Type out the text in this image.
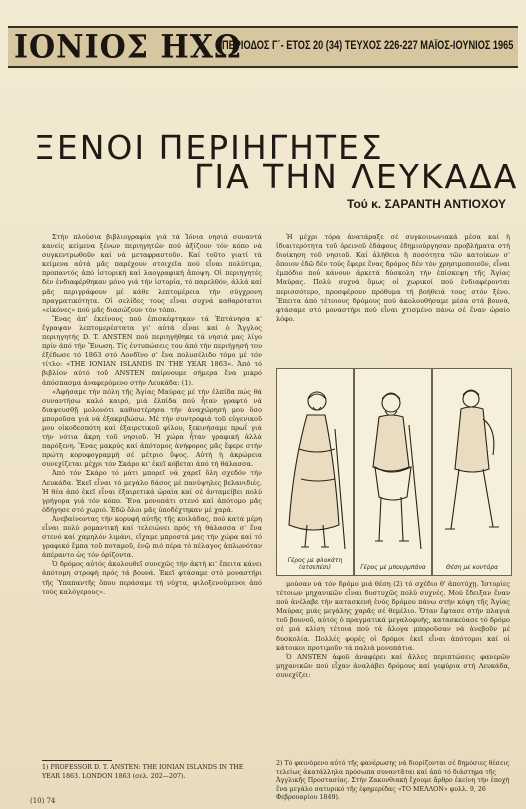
ΙΟΝΙΟΣ ΗΧΩ
ΠΕΡΙΟΔΟΣ Γ΄- ΕΤΟΣ 20 (34) ΤΕΥΧΟΣ 226-227 ΜΑΪΟΣ-ΙΟΥΝΙΟΣ 1965
ΞΕΝΟΙ ΠΕΡΙΗΓΗΤΕΣ
ΓΙΑ ΤΗΝ ΛΕΥΚΑΔΑ
Τού κ. ΣΑΡΑΝΤΗ ΑΝΤΙΟΧΟΥ

Στήν πλούσια βιβλιογραφία γιά τά Ἰόνια νησιά συναντά κανείς κείμενα ξένων περιηγητῶν πού ἀξίζουν τόν κόπο νά συγκεντρωθοῦν καί νά μεταφραστοῦν. Καί τοῦτο γιατί τά κείμενα αὐτά μᾶς παρέχουν στοιχεῖα πού εἶναι πολύτιμα, προπαντός ἀπό ἱστορική καί λαογραφική ἄποψη. Οἱ περιηγητές δέν ἐνδιαφέρθηκαν μόνο γιά τήν ἱστορία, τό παρελθόν, ἀλλά καί μᾶς περιγράφουν μέ κάθε λεπτομέρεια τήν σύγχρονη πραγματικότητα. Οἱ σελίδες τους εἶναι συχνά καθαρότατοι «εἰκόνες» πού μᾶς διασώζουν τόν τόπο.

Ἕνας ἀπ' ἐκείνους πού ἐπισκέφτηκαν τά Ἑπτάνησα κ' ἔγραψαν λεπτομερέστατα γι' αὐτά εἶναι καί ὁ Ἄγγλος περιηγητής D. T. ANSTEN πού περιηγήθηκε τά νησιά μας λίγο πρίν ἀπό τήν Ἕνωση. Τίς ἐντυπώσεις του ἀπό τήν περιήγησή του ἐξέδωσε τό 1863 στό Λονδῖνο σ' ἕνα πολυσέλιδο τόμο μέ τόν τίτλο: «THE IONIAN ISLANDS IN THE YEAR 1863». Ἀπό τό βιβλίον αὐτό τοῦ ANSTEN παίρνουμε σήμερα ἕνα μικρό ἀπόσπασμα ἀναφερόμενο στήν Λευκάδα: (1).

«Ἀφήσαμε τήν πόλη τῆς Ἁγίας Μαύρας μέ τήν ἐλπίδα πώς θά συναντήσω καλό καιρό, μιά ἐλπίδα πού ἦταν γραφτό νά διαψευσθῇ μολονότι καθυστέρησα τήν ἀναχώρησή μου ὅσο μποροῦσα γιά νά ἐξακριβώσω. Μέ τήν συντροφιά τοῦ εὐγενικοῦ μου οἰκοδεσπότη καί ἐξαιρετικοῦ φίλου, ξεκινήσαμε πρωΐ γιά τήν νότια ἄκρη τοῦ νησιοῦ. Ἡ χώρα ἦταν γραφική ἀλλά παρόξενη. Ἕνας μακρύς καί ἀπότομος ἀνήφορος μᾶς ἔφερε στήν πρώτη κορυφογραμμή σέ μέτριο ὕψος. Αὐτή ἡ ἀκρώρεια συνεχίζεται μέχρι τόν Σκάρο κι' ἐκεῖ κόβεται ἀπό τή θάλασσα.

Ἀπό τόν Σκάρο τό μάτι μπορεῖ νά χαρεῖ ὅλη σχεδόν τήν Λευκάδα. Ἐκεῖ εἶναι τό μεγάλο δάσος μέ πανύψηλες βελανιδιές. Ἡ θέα ἀπό ἐκεῖ εἶναι ἐξαιρετικά ὡραία καί σέ ἀνταμείβει πολύ γρήγορα γιά τόν κόπο. Ἔνα μονοπάτι στενό καί ἀπότομο μᾶς ὁδήγησε στό χωριό. Ἐδῶ ὅλοι μᾶς ὑποδέχτηκαν μέ χαρά.

Ἀνεβαίνοντας τήν κορυφή αὐτῆς τῆς κοιλάδας, πού κατά μέρη εἶναι πολύ ρομαντική καί τελειώνει πρός τή θάλασσα σ' ἕνα στενό καί χαμηλόν λιμάνι, εἴχαμε μπροστά μας τήν χώρα καί τό γραφικό ἔμπα τοῦ ποταμοῦ, ἐνῷ πιό πέρα τό πέλαγος ἁπλωνόταν ἀπέραντο ὡς τόν ὁρίζοντα.

Ὁ δρόμος αὐτός ἀκολουθεῖ συνεχῶς τήν ἀκτή κι' ἔπειτα κάνει ἀπότομη στροφή πρός τά βουνά. Ἐκεῖ φτάσαμε στό μοναστήρι τῆς Ὑπαπαντῆς ὅπου περάσαμε τή νύχτα, φιλοξενούμενοι ἀπό τούς καλόγερους».

Ἡ μέχρι τόρα ἀνατάραξε σέ συγκοινωνιακά μέσα καί ἡ ἰδιαιτερότητα τοῦ ὀρεινοῦ ἐδάφους ἐδημιούργησαν προβλήματα στή διοίκηση τοῦ νησιοῦ. Καί ἀλήθεια ἡ ποσότητα τῶν κατοίκων σ' ὅποιον ἐδῶ δέν τούς ἔφερε ἕνας δρόμος δέν τόν χρησιμοποιοῦν, εἶναι ἐμπόδιο πού κάνουν ἀρκετά δύσκολη τήν ἐπίσκεψη τῆς Ἁγίας Μαύρας. Πολύ συχνά ὅμως οἱ χωρικοί πού ἐνδιαφέρονται περισσότερο, προσφέρουν πρόθυμα τή βοήθειά τους στόν ξένο. Ἔπειτα ἀπό τέτοιους δρόμους πού ἀκολουθήσαμε μέσα στά βουνά, φτάσαμε στό μοναστήρι πού εἶναι χτισμένο πάνω σέ ἕναν ὡραίο λόφο.

Γέρος με φλοκάτη (ατσεπέσι)	Γέρος με μπουρμπάνα	Θέση με κοντόρα

μούσαν νά τόν δρόμο μιά θέση (2) τό σχέδιο θ' ἀποτύχῃ. Ἱστορίες τέτοιων μηχανικῶν εἶναι δυστυχῶς πολύ συχνές. Μού ἔδειξαν ἕναν πού ἀνέλαβε τήν κατασκευή ἑνός δρόμου πάνω στήν κόψη τῆς Ἁγίας Μαύρας μιάς μεγάλης χαρᾶς σέ θεμέλιο. Ὅταν ἔφτασε στήν πλαγιά τοῦ βουνοῦ, αὐτός ὁ πραγματικά μεγαλοφυής, κατασκεύασε τό δρόμο σέ μιά κλίση τέτοια πού τά ἄλογα μποροῦσαν νά ἀνεβοῦν μέ δυσκολία. Πολλές φορές οἱ δρόμοι ἐκεῖ εἶναι ἀπότομοι καί οἱ κάτοικοι προτιμοῦν τά παλιά μονοπάτια.

Ὁ ANSTEN ἀφοῦ ἀναφέρει καί ἄλλες περιπτώσεις φανερῶν μηχανικῶν πού εἶχαν ἀναλάβει δρόμους καί γεφύρια στή Λευκάδα, συνεχίζει:

1) PROFESSOR D. T. ANSTEN: THE IONIAN ISLANDS IN THE YEAR 1863. LONDON 1863 (σελ. 202—207).
2) Τό φαινόμενο αὐτό τῆς φανέρωσης νά διορίζονται σέ δημόσιες θέσεις τελείως ἀκατάλληλα πρόσωπα συναντᾶται καί ἀπό τό διάστημα τῆς Ἀγγλικῆς Προστασίας. Στήν Ζακυνθιακή ἔχουμε ἄρθρο ἐκείνη τήν ἐποχή ἕνα μεγάλο σατυρικό τῆς ἐφημερίδας «ΤΟ ΜΕΛΛΟΝ» φυλλ. 9, 26 Φεβρουαρίου 1849).
(10) 74
